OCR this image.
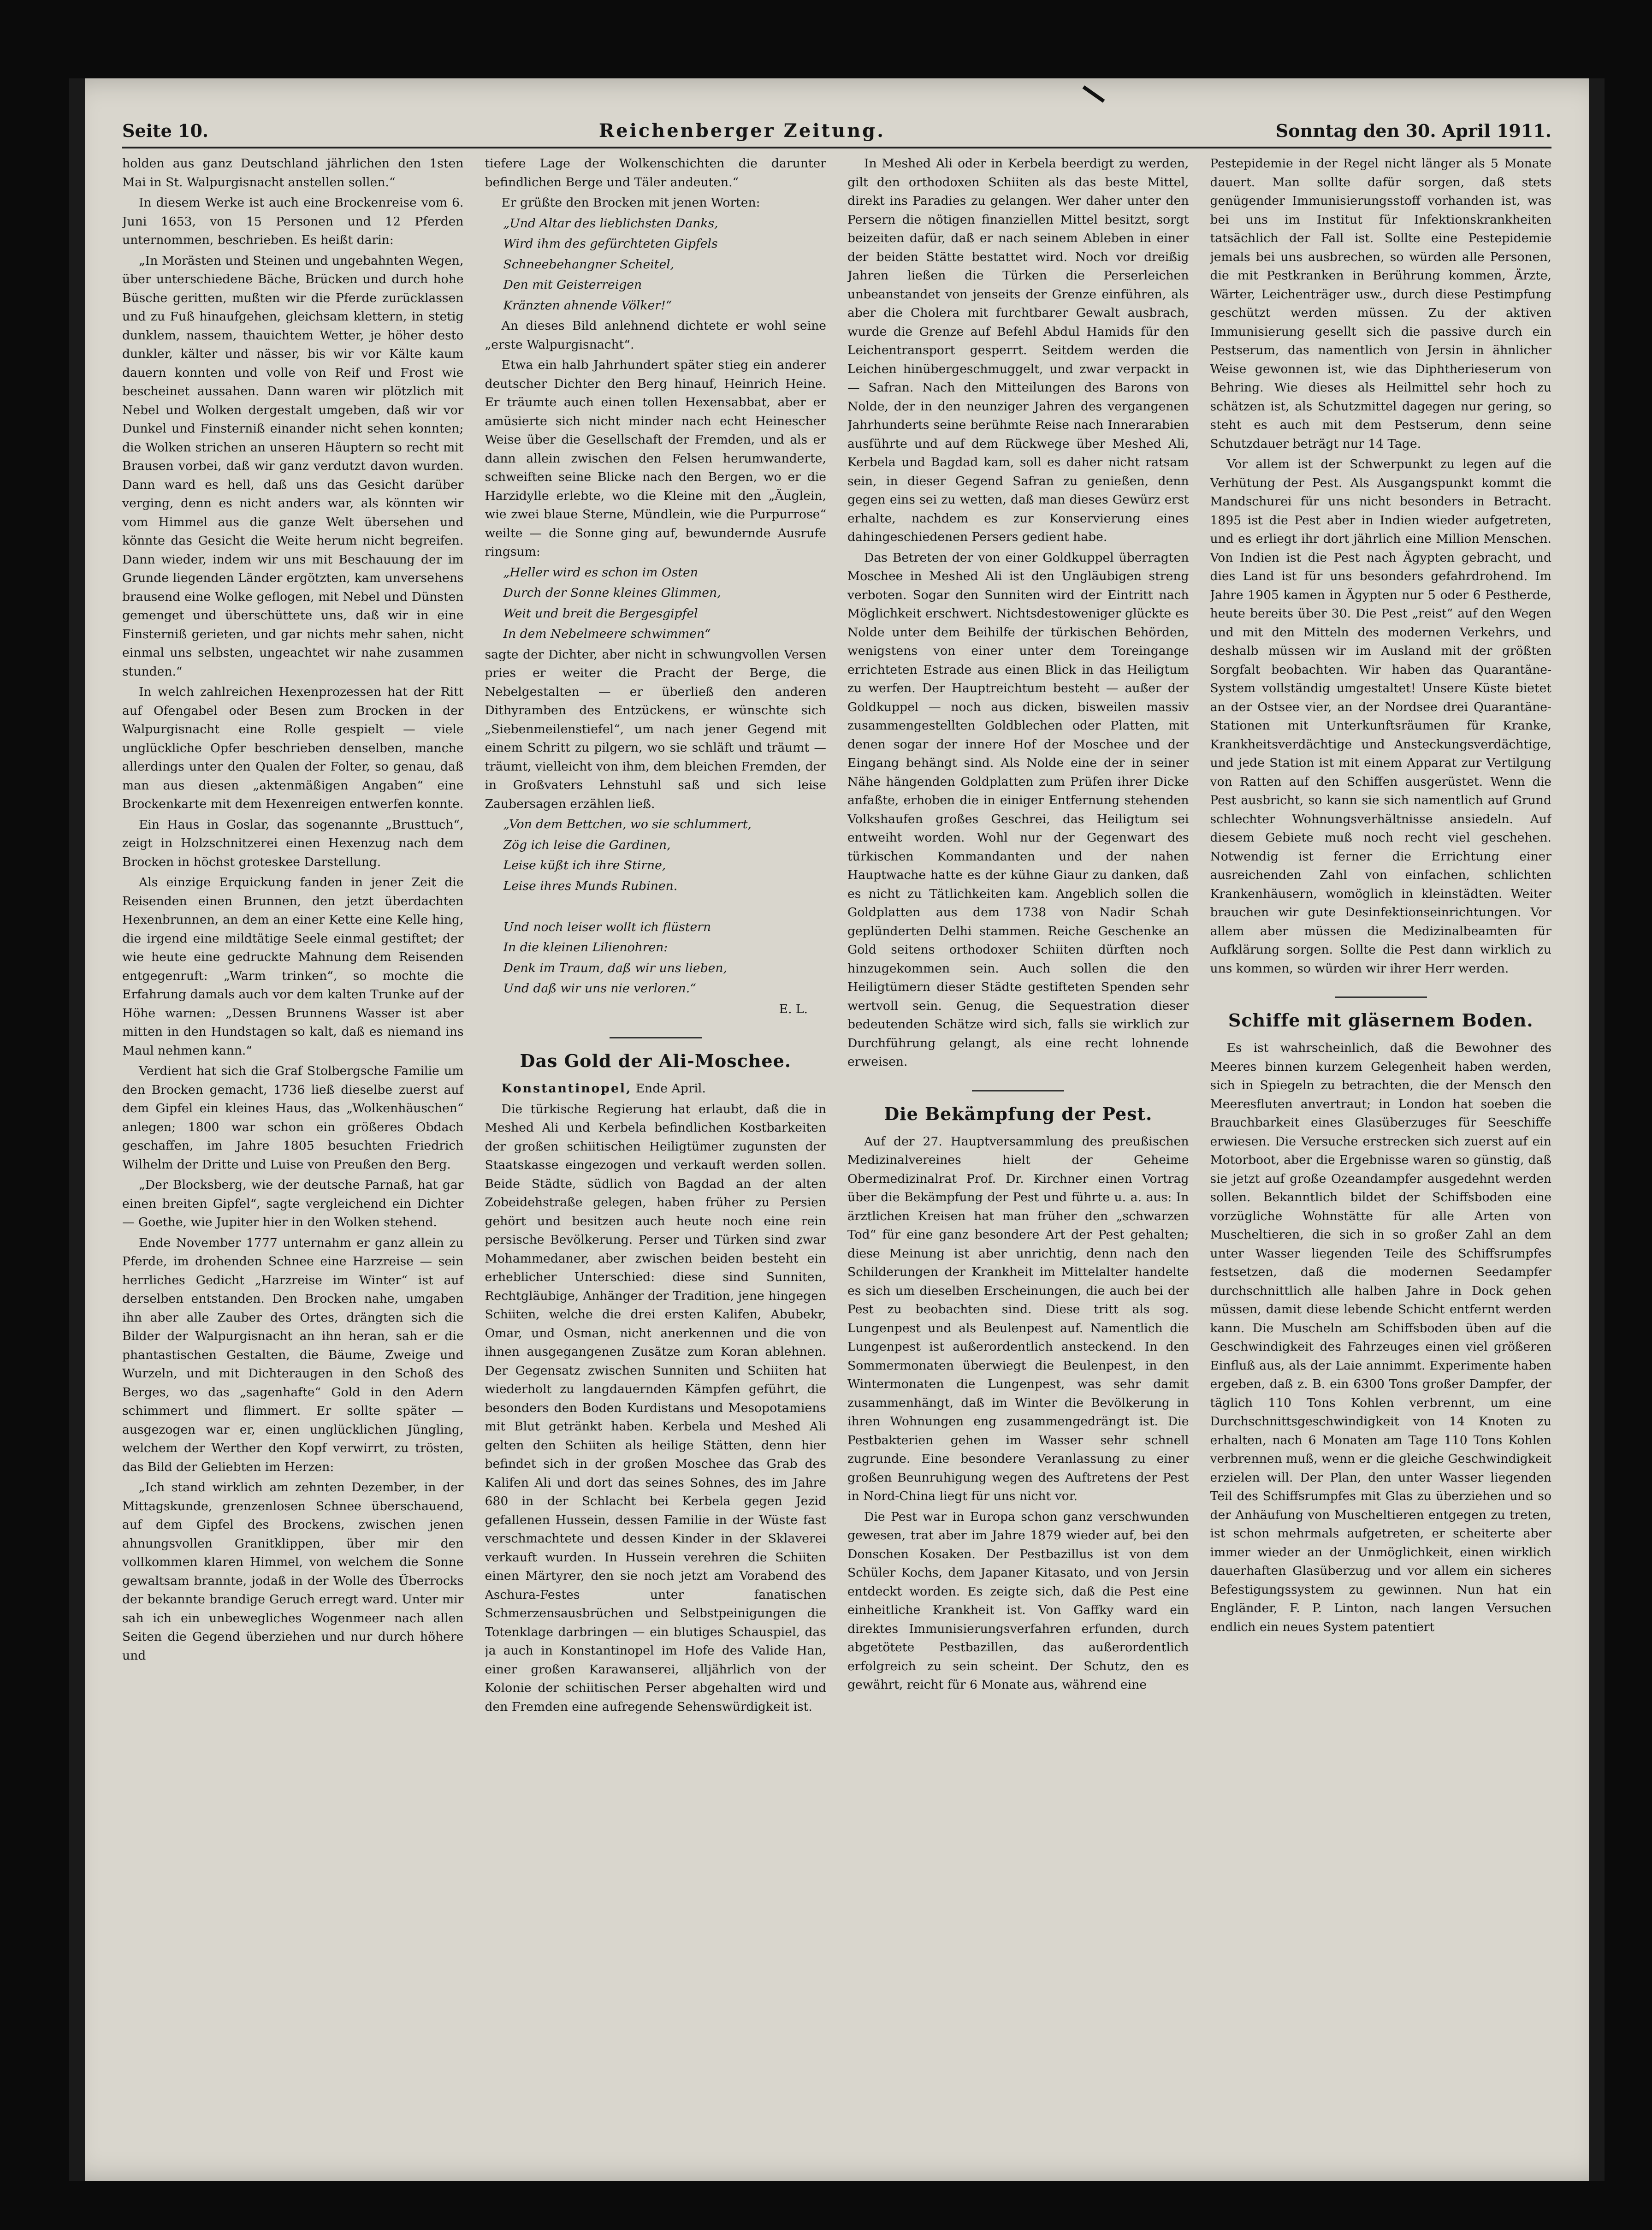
Seite 10.	Reichenberger Zeitung.	Sonntag den 30. April 1911.

holden aus ganz Deutschland jährlichen den 1sten Mai in St. Walpurgisnacht anstellen sollen.“

In diesem Werke ist auch eine Brockenreise vom 6. Juni 1653, von 15 Personen und 12 Pferden unternommen, beschrieben. Es heißt darin:

„In Morästen und Steinen und ungebahnten Wegen, über unterschiedene Bäche, Brücken und durch hohe Büsche geritten, mußten wir die Pferde zurücklassen und zu Fuß hinaufgehen, gleichsam klettern, in stetig dunklem, nassem, thauichtem Wetter, je höher desto dunkler, kälter und nässer, bis wir vor Kälte kaum dauern konnten und volle von Reif und Frost wie bescheinet aussahen. Dann waren wir plötzlich mit Nebel und Wolken dergestalt umgeben, daß wir vor Dunkel und Finsterniß einander nicht sehen konnten; die Wolken strichen an unseren Häuptern so recht mit Brausen vorbei, daß wir ganz verdutzt davon wurden. Dann ward es hell, daß uns das Gesicht darüber verging, denn es nicht anders war, als könnten wir vom Himmel aus die ganze Welt übersehen und könnte das Gesicht die Weite herum nicht begreifen. Dann wieder, indem wir uns mit Beschauung der im Grunde liegenden Länder ergötzten, kam unversehens brausend eine Wolke geflogen, mit Nebel und Dünsten gemenget und überschüttete uns, daß wir in eine Finsterniß gerieten, und gar nichts mehr sahen, nicht einmal uns selbsten, ungeachtet wir nahe zusammen stunden.“

In welch zahlreichen Hexenprozessen hat der Ritt auf Ofengabel oder Besen zum Brocken in der Walpurgisnacht eine Rolle gespielt — viele unglückliche Opfer beschrieben denselben, manche allerdings unter den Qualen der Folter, so genau, daß man aus diesen „aktenmäßigen Angaben“ eine Brockenkarte mit dem Hexenreigen entwerfen konnte.

Ein Haus in Goslar, das sogenannte „Brusttuch“, zeigt in Holzschnitzerei einen Hexenzug nach dem Brocken in höchst groteskee Darstellung.

Als einzige Erquickung fanden in jener Zeit die Reisenden einen Brunnen, den jetzt überdachten Hexenbrunnen, an dem an einer Kette eine Kelle hing, die irgend eine mildtätige Seele einmal gestiftet; der wie heute eine gedruckte Mahnung dem Reisenden entgegenruft: „Warm trinken“, so mochte die Erfahrung damals auch vor dem kalten Trunke auf der Höhe warnen: „Dessen Brunnens Wasser ist aber mitten in den Hundstagen so kalt, daß es niemand ins Maul nehmen kann.“

Verdient hat sich die Graf Stolbergsche Familie um den Brocken gemacht, 1736 ließ dieselbe zuerst auf dem Gipfel ein kleines Haus, das „Wolkenhäuschen“ anlegen; 1800 war schon ein größeres Obdach geschaffen, im Jahre 1805 besuchten Friedrich Wilhelm der Dritte und Luise von Preußen den Berg.

„Der Blocksberg, wie der deutsche Parnaß, hat gar einen breiten Gipfel“, sagte vergleichend ein Dichter — Goethe, wie Jupiter hier in den Wolken stehend.

Ende November 1777 unternahm er ganz allein zu Pferde, im drohenden Schnee eine Harzreise — sein herrliches Gedicht „Harzreise im Winter“ ist auf derselben entstanden. Den Brocken nahe, umgaben ihn aber alle Zauber des Ortes, drängten sich die Bilder der Walpurgisnacht an ihn heran, sah er die phantastischen Gestalten, die Bäume, Zweige und Wurzeln, und mit Dichteraugen in den Schoß des Berges, wo das „sagenhafte“ Gold in den Adern schimmert und flimmert. Er sollte später — ausgezogen war er, einen unglücklichen Jüngling, welchem der Werther den Kopf verwirrt, zu trösten, das Bild der Geliebten im Herzen:

„Ich stand wirklich am zehnten Dezember, in der Mittagskunde, grenzenlosen Schnee überschauend, auf dem Gipfel des Brockens, zwischen jenen ahnungsvollen Granitklippen, über mir den vollkommen klaren Himmel, von welchem die Sonne gewaltsam brannte, jodaß in der Wolle des Überrocks der bekannte brandige Geruch erregt ward. Unter mir sah ich ein unbewegliches Wogenmeer nach allen Seiten die Gegend überziehen und nur durch höhere und

tiefere Lage der Wolkenschichten die darunter befindlichen Berge und Täler andeuten.“

Er grüßte den Brocken mit jenen Worten:

„Und Altar des lieblichsten Danks,

Wird ihm des gefürchteten Gipfels

Schneebehangner Scheitel,

Den mit Geisterreigen

Kränzten ahnende Völker!“

An dieses Bild anlehnend dichtete er wohl seine „erste Walpurgisnacht“.

Etwa ein halb Jahrhundert später stieg ein anderer deutscher Dichter den Berg hinauf, Heinrich Heine. Er träumte auch einen tollen Hexensabbat, aber er amüsierte sich nicht minder nach echt Heinescher Weise über die Gesellschaft der Fremden, und als er dann allein zwischen den Felsen herumwanderte, schweiften seine Blicke nach den Bergen, wo er die Harzidylle erlebte, wo die Kleine mit den „Äuglein, wie zwei blaue Sterne, Mündlein, wie die Purpurrose“ weilte — die Sonne ging auf, bewundernde Ausrufe ringsum:

„Heller wird es schon im Osten

Durch der Sonne kleines Glimmen,

Weit und breit die Bergesgipfel

In dem Nebelmeere schwimmen“

sagte der Dichter, aber nicht in schwungvollen Versen pries er weiter die Pracht der Berge, die Nebelgestalten — er überließ den anderen Dithyramben des Entzückens, er wünschte sich „Siebenmeilenstiefel“, um nach jener Gegend mit einem Schritt zu pilgern, wo sie schläft und träumt — träumt, vielleicht von ihm, dem bleichen Fremden, der in Großvaters Lehnstuhl saß und sich leise Zaubersagen erzählen ließ.

„Von dem Bettchen, wo sie schlummert,

Zög ich leise die Gardinen,

Leise küßt ich ihre Stirne,

Leise ihres Munds Rubinen.

Und noch leiser wollt ich flüstern

In die kleinen Lilienohren:

Denk im Traum, daß wir uns lieben,

Und daß wir uns nie verloren.“

E. L.

Das Gold der Ali-Moschee.

Konstantinopel, Ende April.

Die türkische Regierung hat erlaubt, daß die in Meshed Ali und Kerbela befindlichen Kostbarkeiten der großen schiitischen Heiligtümer zugunsten der Staatskasse eingezogen und verkauft werden sollen. Beide Städte, südlich von Bagdad an der alten Zobeidehstraße gelegen, haben früher zu Persien gehört und besitzen auch heute noch eine rein persische Bevölkerung. Perser und Türken sind zwar Mohammedaner, aber zwischen beiden besteht ein erheblicher Unterschied: diese sind Sunniten, Rechtgläubige, Anhänger der Tradition, jene hingegen Schiiten, welche die drei ersten Kalifen, Abubekr, Omar, und Osman, nicht anerkennen und die von ihnen ausgegangenen Zusätze zum Koran ablehnen. Der Gegensatz zwischen Sunniten und Schiiten hat wiederholt zu langdauernden Kämpfen geführt, die besonders den Boden Kurdistans und Mesopotamiens mit Blut getränkt haben. Kerbela und Meshed Ali gelten den Schiiten als heilige Stätten, denn hier befindet sich in der großen Moschee das Grab des Kalifen Ali und dort das seines Sohnes, des im Jahre 680 in der Schlacht bei Kerbela gegen Jezid gefallenen Hussein, dessen Familie in der Wüste fast verschmachtete und dessen Kinder in der Sklaverei verkauft wurden. In Hussein verehren die Schiiten einen Märtyrer, den sie noch jetzt am Vorabend des Aschura-Festes unter fanatischen Schmerzensausbrüchen und Selbstpeinigungen die Totenklage darbringen — ein blutiges Schauspiel, das ja auch in Konstantinopel im Hofe des Valide Han, einer großen Karawanserei, alljährlich von der Kolonie der schiitischen Perser abgehalten wird und den Fremden eine aufregende Sehenswürdigkeit ist.

In Meshed Ali oder in Kerbela beerdigt zu werden, gilt den orthodoxen Schiiten als das beste Mittel, direkt ins Paradies zu gelangen. Wer daher unter den Persern die nötigen finanziellen Mittel besitzt, sorgt beizeiten dafür, daß er nach seinem Ableben in einer der beiden Stätte bestattet wird. Noch vor dreißig Jahren ließen die Türken die Perserleichen unbeanstandet von jenseits der Grenze einführen, als aber die Cholera mit furchtbarer Gewalt ausbrach, wurde die Grenze auf Befehl Abdul Hamids für den Leichentransport gesperrt. Seitdem werden die Leichen hinübergeschmuggelt, und zwar verpackt in — Safran. Nach den Mitteilungen des Barons von Nolde, der in den neunziger Jahren des vergangenen Jahrhunderts seine berühmte Reise nach Innerarabien ausführte und auf dem Rückwege über Meshed Ali, Kerbela und Bagdad kam, soll es daher nicht ratsam sein, in dieser Gegend Safran zu genießen, denn gegen eins sei zu wetten, daß man dieses Gewürz erst erhalte, nachdem es zur Konservierung eines dahingeschiedenen Persers gedient habe.

Das Betreten der von einer Goldkuppel überragten Moschee in Meshed Ali ist den Ungläubigen streng verboten. Sogar den Sunniten wird der Eintritt nach Möglichkeit erschwert. Nichtsdestoweniger glückte es Nolde unter dem Beihilfe der türkischen Behörden, wenigstens von einer unter dem Toreingange errichteten Estrade aus einen Blick in das Heiligtum zu werfen. Der Hauptreichtum besteht — außer der Goldkuppel — noch aus dicken, bisweilen massiv zusammengestellten Goldblechen oder Platten, mit denen sogar der innere Hof der Moschee und der Eingang behängt sind. Als Nolde eine der in seiner Nähe hängenden Goldplatten zum Prüfen ihrer Dicke anfaßte, erhoben die in einiger Entfernung stehenden Volkshaufen großes Geschrei, das Heiligtum sei entweiht worden. Wohl nur der Gegenwart des türkischen Kommandanten und der nahen Hauptwache hatte es der kühne Giaur zu danken, daß es nicht zu Tätlichkeiten kam. Angeblich sollen die Goldplatten aus dem 1738 von Nadir Schah geplünderten Delhi stammen. Reiche Geschenke an Gold seitens orthodoxer Schiiten dürften noch hinzugekommen sein. Auch sollen die den Heiligtümern dieser Städte gestifteten Spenden sehr wertvoll sein. Genug, die Sequestration dieser bedeutenden Schätze wird sich, falls sie wirklich zur Durchführung gelangt, als eine recht lohnende erweisen.

Die Bekämpfung der Pest.

Auf der 27. Hauptversammlung des preußischen Medizinalvereines hielt der Geheime Obermedizinalrat Prof. Dr. Kirchner einen Vortrag über die Bekämpfung der Pest und führte u. a. aus: In ärztlichen Kreisen hat man früher den „schwarzen Tod“ für eine ganz besondere Art der Pest gehalten; diese Meinung ist aber unrichtig, denn nach den Schilderungen der Krankheit im Mittelalter handelte es sich um dieselben Erscheinungen, die auch bei der Pest zu beobachten sind. Diese tritt als sog. Lungenpest und als Beulenpest auf. Namentlich die Lungenpest ist außerordentlich ansteckend. In den Sommermonaten überwiegt die Beulenpest, in den Wintermonaten die Lungenpest, was sehr damit zusammenhängt, daß im Winter die Bevölkerung in ihren Wohnungen eng zusammengedrängt ist. Die Pestbakterien gehen im Wasser sehr schnell zugrunde. Eine besondere Veranlassung zu einer großen Beunruhigung wegen des Auftretens der Pest in Nord-China liegt für uns nicht vor.

Die Pest war in Europa schon ganz verschwunden gewesen, trat aber im Jahre 1879 wieder auf, bei den Donschen Kosaken. Der Pestbazillus ist von dem Schüler Kochs, dem Japaner Kitasato, und von Jersin entdeckt worden. Es zeigte sich, daß die Pest eine einheitliche Krankheit ist. Von Gaffky ward ein direktes Immunisierungsverfahren erfunden, durch abgetötete Pestbazillen, das außerordentlich erfolgreich zu sein scheint. Der Schutz, den es gewährt, reicht für 6 Monate aus, während eine

Pestepidemie in der Regel nicht länger als 5 Monate dauert. Man sollte dafür sorgen, daß stets genügender Immunisierungsstoff vorhanden ist, was bei uns im Institut für Infektionskrankheiten tatsächlich der Fall ist. Sollte eine Pestepidemie jemals bei uns ausbrechen, so würden alle Personen, die mit Pestkranken in Berührung kommen, Ärzte, Wärter, Leichenträger usw., durch diese Pestimpfung geschützt werden müssen. Zu der aktiven Immunisierung gesellt sich die passive durch ein Pestserum, das namentlich von Jersin in ähnlicher Weise gewonnen ist, wie das Diphtherieserum von Behring. Wie dieses als Heilmittel sehr hoch zu schätzen ist, als Schutzmittel dagegen nur gering, so steht es auch mit dem Pestserum, denn seine Schutzdauer beträgt nur 14 Tage.

Vor allem ist der Schwerpunkt zu legen auf die Verhütung der Pest. Als Ausgangspunkt kommt die Mandschurei für uns nicht besonders in Betracht. 1895 ist die Pest aber in Indien wieder aufgetreten, und es erliegt ihr dort jährlich eine Million Menschen. Von Indien ist die Pest nach Ägypten gebracht, und dies Land ist für uns besonders gefahrdrohend. Im Jahre 1905 kamen in Ägypten nur 5 oder 6 Pestherde, heute bereits über 30. Die Pest „reist“ auf den Wegen und mit den Mitteln des modernen Verkehrs, und deshalb müssen wir im Ausland mit der größten Sorgfalt beobachten. Wir haben das Quarantäne-System vollständig umgestaltet! Unsere Küste bietet an der Ostsee vier, an der Nordsee drei Quarantäne-Stationen mit Unterkunftsräumen für Kranke, Krankheitsverdächtige und Ansteckungsverdächtige, und jede Station ist mit einem Apparat zur Vertilgung von Ratten auf den Schiffen ausgerüstet. Wenn die Pest ausbricht, so kann sie sich namentlich auf Grund schlechter Wohnungsverhältnisse ansiedeln. Auf diesem Gebiete muß noch recht viel geschehen. Notwendig ist ferner die Errichtung einer ausreichenden Zahl von einfachen, schlichten Krankenhäusern, womöglich in kleinstädten. Weiter brauchen wir gute Desinfektionseinrichtungen. Vor allem aber müssen die Medizinalbeamten für Aufklärung sorgen. Sollte die Pest dann wirklich zu uns kommen, so würden wir ihrer Herr werden.

Schiffe mit gläsernem Boden.

Es ist wahrscheinlich, daß die Bewohner des Meeres binnen kurzem Gelegenheit haben werden, sich in Spiegeln zu betrachten, die der Mensch den Meeresfluten anvertraut; in London hat soeben die Brauchbarkeit eines Glasüberzuges für Seeschiffe erwiesen. Die Versuche erstrecken sich zuerst auf ein Motorboot, aber die Ergebnisse waren so günstig, daß sie jetzt auf große Ozeandampfer ausgedehnt werden sollen. Bekanntlich bildet der Schiffsboden eine vorzügliche Wohnstätte für alle Arten von Muscheltieren, die sich in so großer Zahl an dem unter Wasser liegenden Teile des Schiffsrumpfes festsetzen, daß die modernen Seedampfer durchschnittlich alle halben Jahre in Dock gehen müssen, damit diese lebende Schicht entfernt werden kann. Die Muscheln am Schiffsboden üben auf die Geschwindigkeit des Fahrzeuges einen viel größeren Einfluß aus, als der Laie annimmt. Experimente haben ergeben, daß z. B. ein 6300 Tons großer Dampfer, der täglich 110 Tons Kohlen verbrennt, um eine Durchschnittsgeschwindigkeit von 14 Knoten zu erhalten, nach 6 Monaten am Tage 110 Tons Kohlen verbrennen muß, wenn er die gleiche Geschwindigkeit erzielen will. Der Plan, den unter Wasser liegenden Teil des Schiffsrumpfes mit Glas zu überziehen und so der Anhäufung von Muscheltieren entgegen zu treten, ist schon mehrmals aufgetreten, er scheiterte aber immer wieder an der Unmöglichkeit, einen wirklich dauerhaften Glasüberzug und vor allem ein sicheres Befestigungssystem zu gewinnen. Nun hat ein Engländer, F. P. Linton, nach langen Versuchen endlich ein neues System patentiert
